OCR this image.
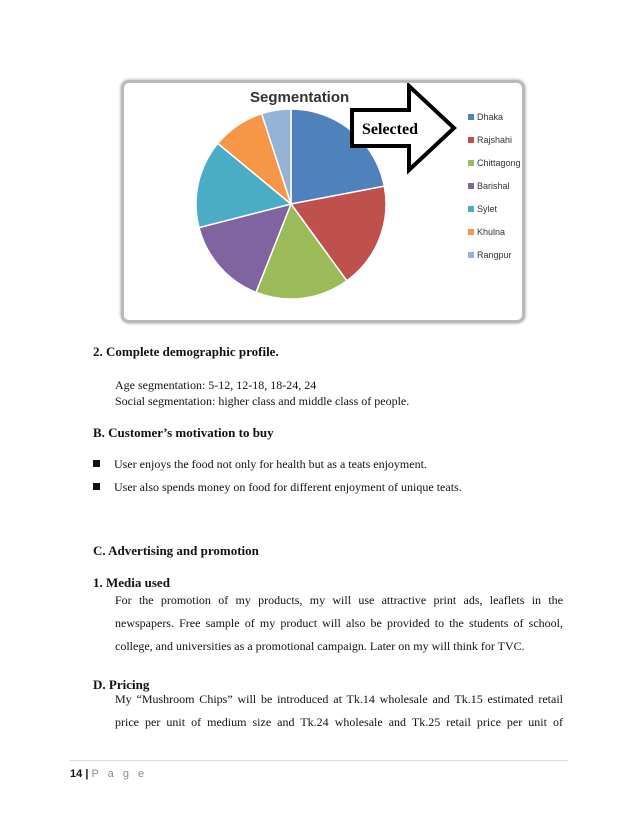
Segmentation
Selected
Dhaka
Rajshahi
Chittagong
Barishal
Sylet
Khulna
Rangpur
2. Complete demographic profile.
Age segmentation: 5-12, 12-18, 18-24, 24
Social segmentation: higher class and middle class of people.
B. Customer’s motivation to buy
User enjoys the food not only for health but as a teats enjoyment.
User also spends money on food for different enjoyment of unique teats.
C. Advertising and promotion
1. Media used
For the promotion of my products, my will use attractive print ads, leaflets in the
newspapers. Free sample of my product will also be provided to the students of school,
college, and universities as a promotional campaign. Later on my will think for TVC.
D. Pricing
My “Mushroom Chips” will be introduced at Tk.14 wholesale and Tk.15 estimated retail
price per unit of medium size and Tk.24 wholesale and Tk.25 retail price per unit of
14 | P a g e
